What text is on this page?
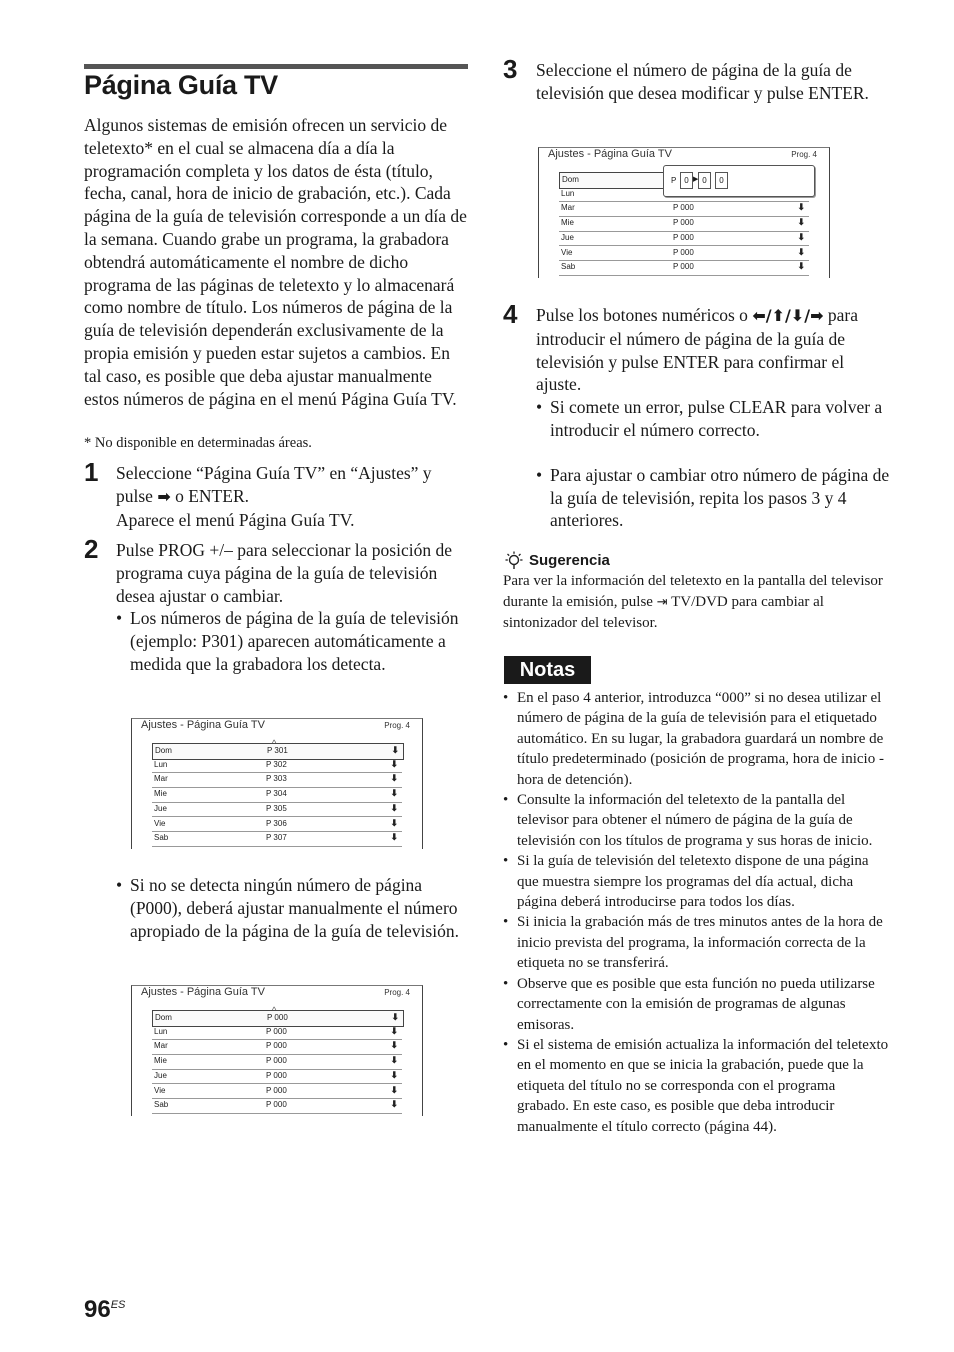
Página Guía TV
Algunos sistemas de emisión ofrecen un servicio de teletexto* en el cual se almacena día a día la programación completa y los datos de ésta (título, fecha, canal, hora de inicio de grabación, etc.). Cada página de la guía de televisión corresponde a un día de la semana. Cuando grabe un programa, la grabadora obtendrá automáticamente el nombre de dicho programa de las páginas de teletexto y lo almacenará como nombre de título. Los números de página de la guía de televisión dependerán exclusivamente de la propia emisión y pueden estar sujetos a cambios. En tal caso, es posible que deba ajustar manualmente estos números de página en el menú Página Guía TV.
* No disponible en determinadas áreas.
1 Seleccione “Página Guía TV” en “Ajustes” y pulse ➡ o ENTER.
Aparece el menú Página Guía TV.
2 Pulse PROG +/– para seleccionar la posición de programa cuya página de la guía de televisión desea ajustar o cambiar.
• Los números de página de la guía de televisión (ejemplo: P301) aparecen automáticamente a medida que la grabadora los detecta.
Ajustes - Página Guía TV	Prog. 4
Dom	P 301	⬇
Lun	P 302	⬇
Mar	P 303	⬇
Mie	P 304	⬇
Jue	P 305	⬇
Vie	P 306	⬇
Sab	P 307	⬇
• Si no se detecta ningún número de página (P000), deberá ajustar manualmente el número apropiado de la página de la guía de televisión.
Ajustes - Página Guía TV	Prog. 4
Dom	P 000	⬇
Lun	P 000	⬇
Mar	P 000	⬇
Mie	P 000	⬇
Jue	P 000	⬇
Vie	P 000	⬇
Sab	P 000	⬇
3 Seleccione el número de página de la guía de televisión que desea modificar y pulse ENTER.
Ajustes - Página Guía TV	Prog. 4
Dom
Lun
Mar	P 000	⬇
Mie	P 000	⬇
Jue	P 000	⬇
Vie	P 000	⬇
Sab	P 000	⬇
P 0 ▶ 0	0
4 Pulse los botones numéricos o ⬅/⬆/⬇/➡ para introducir el número de página de la guía de televisión y pulse ENTER para confirmar el ajuste.
• Si comete un error, pulse CLEAR para volver a introducir el número correcto.
• Para ajustar o cambiar otro número de página de la guía de televisión, repita los pasos 3 y 4 anteriores.
Sugerencia
Para ver la información del teletexto en la pantalla del televisor durante la emisión, pulse ⇥ TV/DVD para cambiar al sintonizador del televisor.
Notas
• En el paso 4 anterior, introduzca “000” si no desea utilizar el número de página de la guía de televisión para el etiquetado automático. En su lugar, la grabadora guardará un nombre de título predeterminado (posición de programa, hora de inicio - hora de detención).
• Consulte la información del teletexto de la pantalla del televisor para obtener el número de página de la guía de televisión con los títulos de programa y sus horas de inicio.
• Si la guía de televisión del teletexto dispone de una página que muestra siempre los programas del día actual, dicha página deberá introducirse para todos los días.
• Si inicia la grabación más de tres minutos antes de la hora de inicio prevista del programa, la información correcta de la etiqueta no se transferirá.
• Observe que es posible que esta función no pueda utilizarse correctamente con la emisión de programas de algunas emisoras.
• Si el sistema de emisión actualiza la información del teletexto en el momento en que se inicia la grabación, puede que la etiqueta del título no se corresponda con el programa grabado. En este caso, es posible que deba introducir manualmente el título correcto (página 44).
$96^{ES}$
